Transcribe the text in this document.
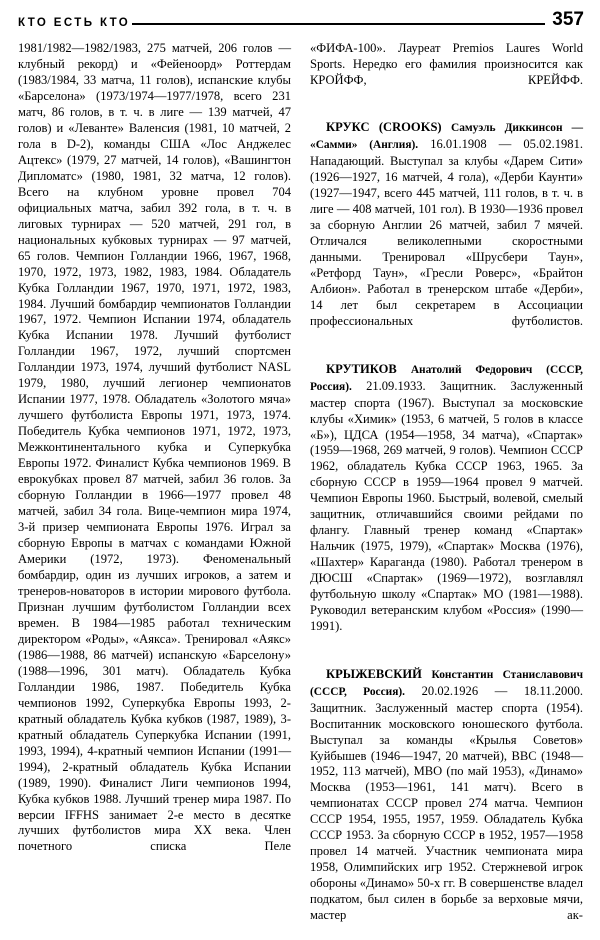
КТО ЕСТЬ КТО	357

1981/1982—1982/1983, 275 матчей, 206 голов — клубный рекорд) и «Фейеноорд» Роттердам (1983/1984, 33 матча, 11 голов), испанские клубы «Барселона» (1973/1974—1977/1978, всего 231 матч, 86 голов, в т. ч. в лиге — 139 матчей, 47 голов) и «Леванте» Валенсия (1981, 10 матчей, 2 гола в D-2), команды США «Лос Анджелес Ацтекс» (1979, 27 матчей, 14 голов), «Вашингтон Дипломатс» (1980, 1981, 32 матча, 12 голов). Всего на клубном уровне провел 704 официальных матча, забил 392 гола, в т. ч. в лиговых турнирах — 520 матчей, 291 гол, в национальных кубковых турнирах — 97 матчей, 65 голов. Чемпион Голландии 1966, 1967, 1968, 1970, 1972, 1973, 1982, 1983, 1984. Обладатель Кубка Голландии 1967, 1970, 1971, 1972, 1983, 1984. Лучший бомбардир чемпионатов Голландии 1967, 1972. Чемпион Испании 1974, обладатель Кубка Испании 1978. Лучший футболист Голландии 1967, 1972, лучший спортсмен Голландии 1973, 1974, лучший футболист NASL 1979, 1980, лучший легионер чемпионатов Испании 1977, 1978. Обладатель «Золотого мяча» лучшего футболиста Европы 1971, 1973, 1974. Победитель Кубка чемпионов 1971, 1972, 1973, Межконтинентального кубка и Суперкубка Европы 1972. Финалист Кубка чемпионов 1969. В еврокубках провел 87 матчей, забил 36 голов. За сборную Голландии в 1966—1977 провел 48 матчей, забил 34 гола. Вице-чемпион мира 1974, 3-й призер чемпионата Европы 1976. Играл за сборную Европы в матчах с командами Южной Америки (1972, 1973). Феноменальный бомбардир, один из лучших игроков, а затем и тренеров-новаторов в истории мирового футбола. Признан лучшим футболистом Голландии всех времен. В 1984—1985 работал техническим директором «Роды», «Аякса». Тренировал «Аякс» (1986—1988, 86 матчей) испанскую «Барселону» (1988—1996, 301 матч). Обладатель Кубка Голландии 1986, 1987. Победитель Кубка чемпионов 1992, Суперкубка Европы 1993, 2-кратный обладатель Кубка кубков (1987, 1989), 3-кратный обладатель Суперкубка Испании (1991, 1993, 1994), 4-кратный чемпион Испании (1991—1994), 2-кратный обладатель Кубка Испании (1989, 1990). Финалист Лиги чемпионов 1994, Кубка кубков 1988. Лучший тренер мира 1987. По версии IFFHS занимает 2-е место в десятке лучших футболистов мира XX века. Член почетного списка Пеле

«ФИФА-100». Лауреат Premios Laures World Sports. Нередко его фамилия произносится как КРОЙФФ, КРЕЙФФ.

КРУКС (CROOKS) Самуэль Диккинсон — «Самми» (Англия). 16.01.1908 — 05.02.1981. Нападающий. Выступал за клубы «Дарем Сити» (1926—1927, 16 матчей, 4 гола), «Дерби Каунти» (1927—1947, всего 445 матчей, 111 голов, в т. ч. в лиге — 408 матчей, 101 гол). В 1930—1936 провел за сборную Англии 26 матчей, забил 7 мячей. Отличался великолепными скоростными данными. Тренировал «Шрусбери Таун», «Ретфорд Таун», «Гресли Роверс», «Брайтон Албион». Работал в тренерском штабе «Дерби», 14 лет был секретарем в Ассоциации профессиональных футболистов.

КРУТИКОВ Анатолий Федорович (СССР, Россия). 21.09.1933. Защитник. Заслуженный мастер спорта (1967). Выступал за московские клубы «Химик» (1953, 6 матчей, 5 голов в классе «Б»), ЦДСА (1954—1958, 34 матча), «Спартак» (1959—1968, 269 матчей, 9 голов). Чемпион СССР 1962, обладатель Кубка СССР 1963, 1965. За сборную СССР в 1959—1964 провел 9 матчей. Чемпион Европы 1960. Быстрый, волевой, смелый защитник, отличавшийся своими рейдами по флангу. Главный тренер команд «Спартак» Нальчик (1975, 1979), «Спартак» Москва (1976), «Шахтер» Караганда (1980). Работал тренером в ДЮСШ «Спартак» (1969—1972), возглавлял футбольную школу «Спартак» МО (1981—1988). Руководил ветеранским клубом «Россия» (1990—1991).

КРЫЖЕВСКИЙ Константин Станиславович (СССР, Россия). 20.02.1926 — 18.11.2000. Защитник. Заслуженный мастер спорта (1954). Воспитанник московского юношеского футбола. Выступал за команды «Крылья Советов» Куйбышев (1946—1947, 20 матчей), ВВС (1948—1952, 113 матчей), МВО (по май 1953), «Динамо» Москва (1953—1961, 141 матч). Всего в чемпионатах СССР провел 274 матча. Чемпион СССР 1954, 1955, 1957, 1959. Обладатель Кубка СССР 1953. За сборную СССР в 1952, 1957—1958 провел 14 матчей. Участник чемпионата мира 1958, Олимпийских игр 1952. Стержневой игрок обороны «Динамо» 50-х гг. В совершенстве владел подкатом, был силен в борьбе за верховые мячи, мастер ак-
